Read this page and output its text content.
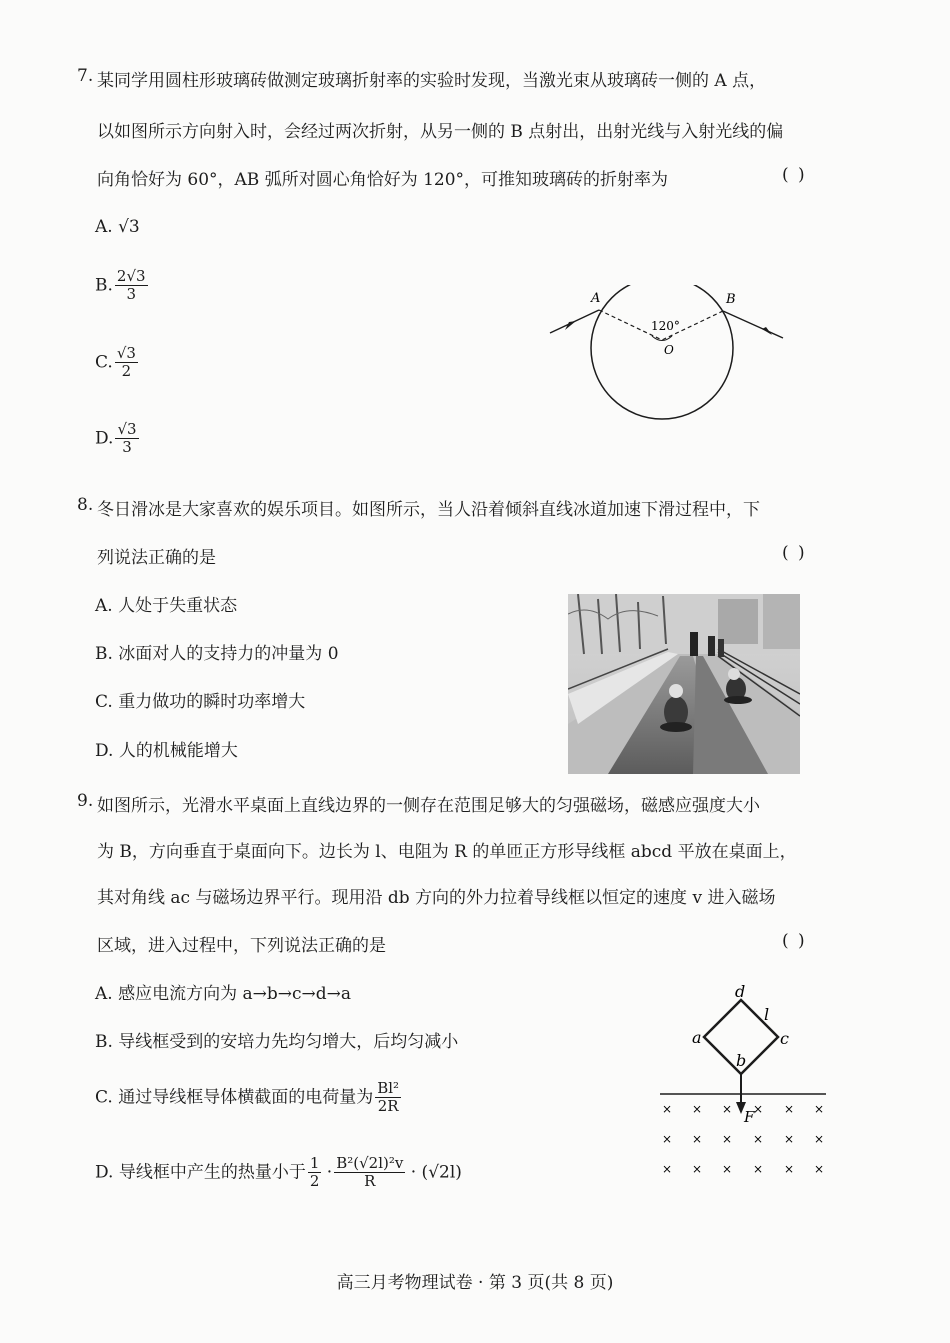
7. 某同学用圆柱形玻璃砖做测定玻璃折射率的实验时发现，当激光束从玻璃砖一侧的 A 点，
以如图所示方向射入时，会经过两次折射，从另一侧的 B 点射出，出射光线与入射光线的偏
向角恰好为 60°，AB 弧所对圆心角恰好为 120°，可推知玻璃砖的折射率为	( )
A. √3
B. $\frac{2√3}{3}$
C. $\frac{√3}{2}$
D. $\frac{√3}{3}$
A	B
120°
O
8. 冬日滑冰是大家喜欢的娱乐项目。如图所示，当人沿着倾斜直线冰道加速下滑过程中，下
列说法正确的是	( )
A. 人处于失重状态
B. 冰面对人的支持力的冲量为 0
C. 重力做功的瞬时功率增大
D. 人的机械能增大
9. 如图所示，光滑水平桌面上直线边界的一侧存在范围足够大的匀强磁场，磁感应强度大小
为 B，方向垂直于桌面向下。边长为 l、电阻为 R 的单匝正方形导线框 abcd 平放在桌面上，
其对角线 ac 与磁场边界平行。现用沿 db 方向的外力拉着导线框以恒定的速度 v 进入磁场
区域，进入过程中，下列说法正确的是	( )
A. 感应电流方向为 a→b→c→d→a
B. 导线框受到的安培力先均匀增大，后均匀减小
C. 通过导线框导体横截面的电荷量为 $\frac{\text{Bl²}}{2R}$
D. 导线框中产生的热量小于 $\frac{1}{2} \cdot \frac{\text{B²(√2l)²v}}{R} \cdot (√2l)$
d
a	c
b
l
F
× × × × × ×
× × × × × ×
× × × × × ×
高三月考物理试卷 · 第 3 页(共 8 页)
